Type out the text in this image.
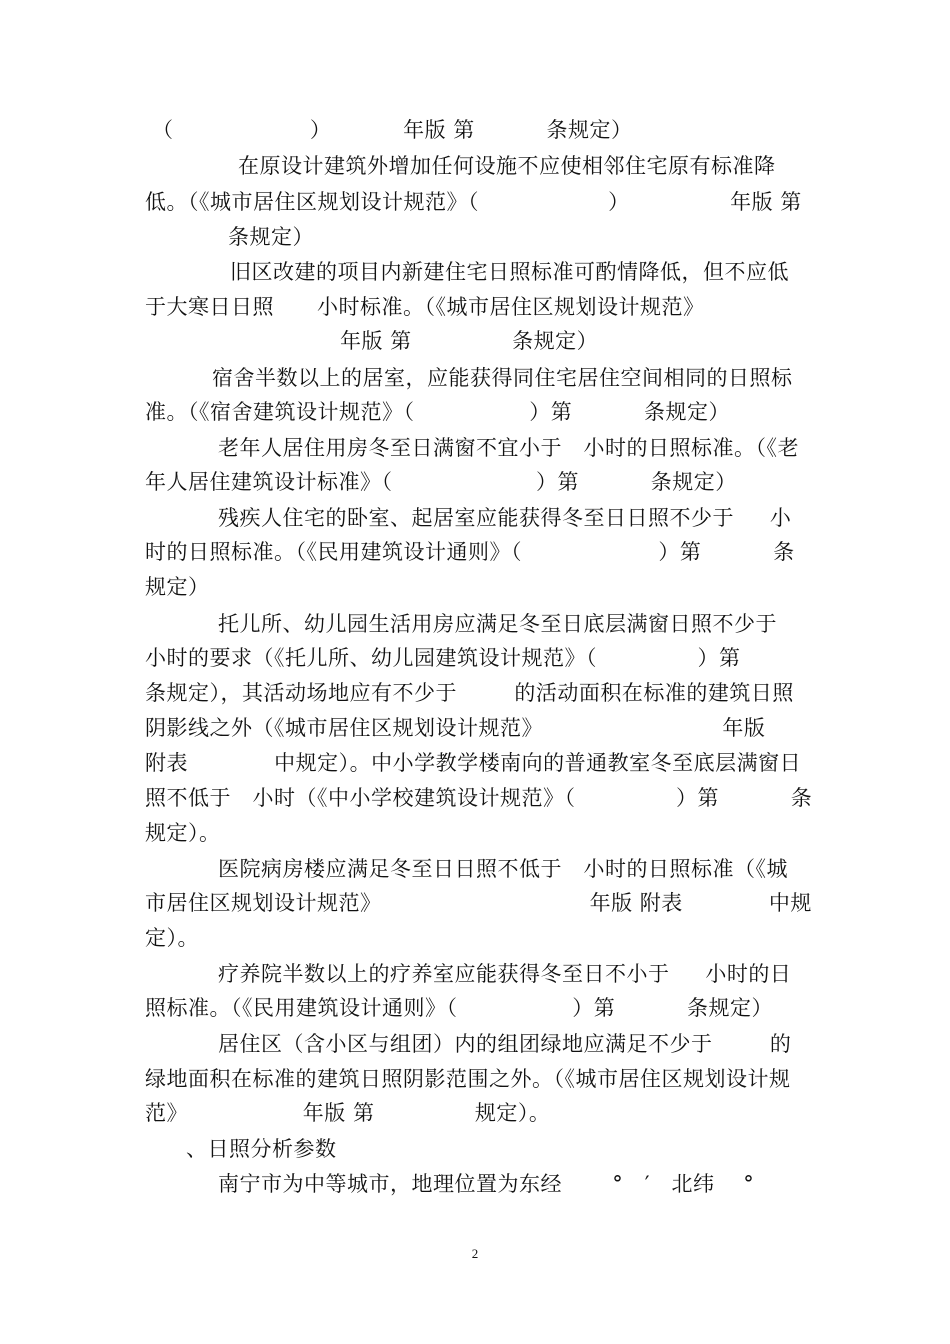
（                   ）          年版 第          条规定）
在原设计建筑外增加任何设施不应使相邻住宅原有标准降
低。（《城市居住区规划设计规范》（                  ）              年版 第
条规定）
旧区改建的项目内新建住宅日照标准可酌情降低，但不应低
于大寒日日照      小时标准。（《城市居住区规划设计规范》
年版 第              条规定）
宿舍半数以上的居室，应能获得同住宅居住空间相同的日照标
准。（《宿舍建筑设计规范》（                ）第          条规定）
老年人居住用房冬至日满窗不宜小于   小时的日照标准。（《老
年人居住建筑设计标准》（                    ）第          条规定）
残疾人住宅的卧室、起居室应能获得冬至日日照不少于     小
时的日照标准。（《民用建筑设计通则》（                   ）第          条
规定）
托儿所、幼儿园生活用房应满足冬至日底层满窗日照不少于
小时的要求（《托儿所、幼儿园建筑设计规范》（              ）第
条规定），其活动场地应有不少于        的活动面积在标准的建筑日照
阴影线之外（《城市居住区规划设计规范》                         年版
附表            中规定）。中小学教学楼南向的普通教室冬至底层满窗日
照不低于   小时（《中小学校建筑设计规范》（              ）第          条
规定）。
医院病房楼应满足冬至日日照不低于   小时的日照标准（《城
市居住区规划设计规范》                             年版 附表            中规
定）。
疗养院半数以上的疗养室应能获得冬至日不小于     小时的日
照标准。（《民用建筑设计通则》（                ）第          条规定）
居住区（含小区与组团）内的组团绿地应满足不少于        的
绿地面积在标准的建筑日照阴影范围之外。（《城市居住区规划设计规
范》                年版 第              规定）。
、日照分析参数
南宁市为中等城市，地理位置为东经       °   ′   北纬    °
2
